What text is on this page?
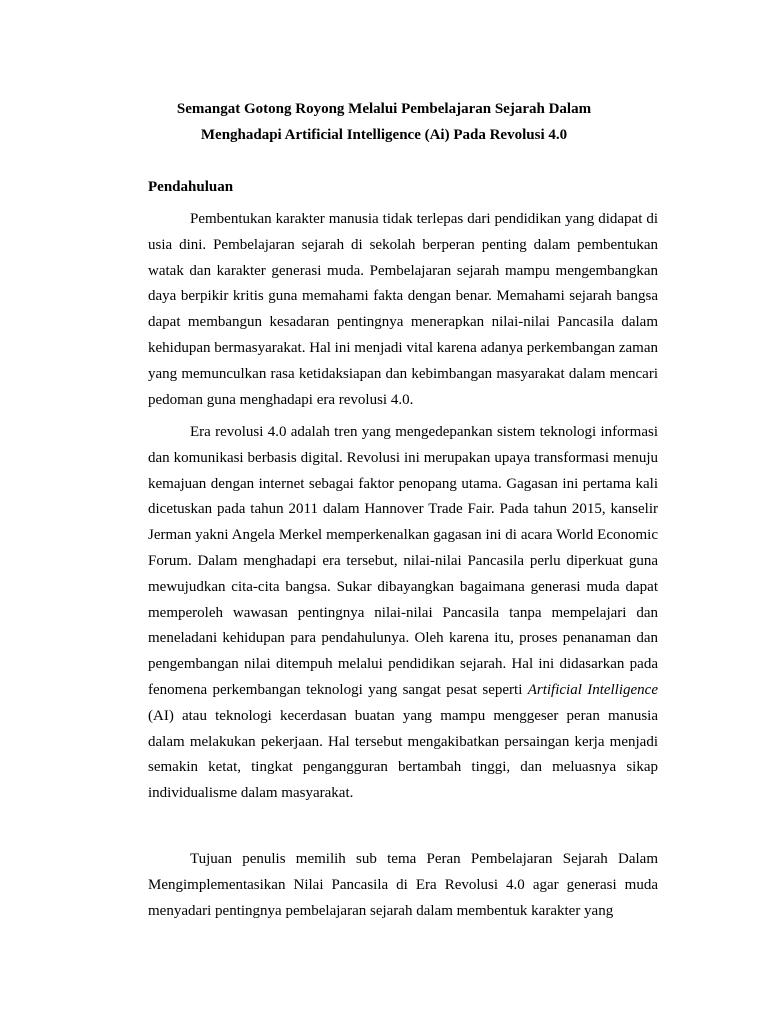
Semangat Gotong Royong Melalui Pembelajaran Sejarah Dalam
Menghadapi Artificial Intelligence (Ai) Pada Revolusi 4.0
Pendahuluan

Pembentukan karakter manusia tidak terlepas dari pendidikan yang didapat di usia dini. Pembelajaran sejarah di sekolah berperan penting dalam pembentukan watak dan karakter generasi muda. Pembelajaran sejarah mampu mengembangkan daya berpikir kritis guna memahami fakta dengan benar. Memahami sejarah bangsa dapat membangun kesadaran pentingnya menerapkan nilai-nilai Pancasila dalam kehidupan bermasyarakat. Hal ini menjadi vital karena adanya perkembangan zaman yang memunculkan rasa ketidaksiapan dan kebimbangan masyarakat dalam mencari pedoman guna menghadapi era revolusi 4.0.

Era revolusi 4.0 adalah tren yang mengedepankan sistem teknologi informasi dan komunikasi berbasis digital. Revolusi ini merupakan upaya transformasi menuju kemajuan dengan internet sebagai faktor penopang utama. Gagasan ini pertama kali dicetuskan pada tahun 2011 dalam Hannover Trade Fair. Pada tahun 2015, kanselir Jerman yakni Angela Merkel memperkenalkan gagasan ini di acara World Economic Forum. Dalam menghadapi era tersebut, nilai-nilai Pancasila perlu diperkuat guna mewujudkan cita-cita bangsa. Sukar dibayangkan bagaimana generasi muda dapat memperoleh wawasan pentingnya nilai-nilai Pancasila tanpa mempelajari dan meneladani kehidupan para pendahulunya. Oleh karena itu, proses penanaman dan pengembangan nilai ditempuh melalui pendidikan sejarah. Hal ini didasarkan pada fenomena perkembangan teknologi yang sangat pesat seperti Artificial Intelligence (AI) atau teknologi kecerdasan buatan yang mampu menggeser peran manusia dalam melakukan pekerjaan. Hal tersebut mengakibatkan persaingan kerja menjadi semakin ketat, tingkat pengangguran bertambah tinggi, dan meluasnya sikap individualisme dalam masyarakat.

Tujuan penulis memilih sub tema Peran Pembelajaran Sejarah Dalam Mengimplementasikan Nilai Pancasila di Era Revolusi 4.0 agar generasi muda menyadari pentingnya pembelajaran sejarah dalam membentuk karakter yang
